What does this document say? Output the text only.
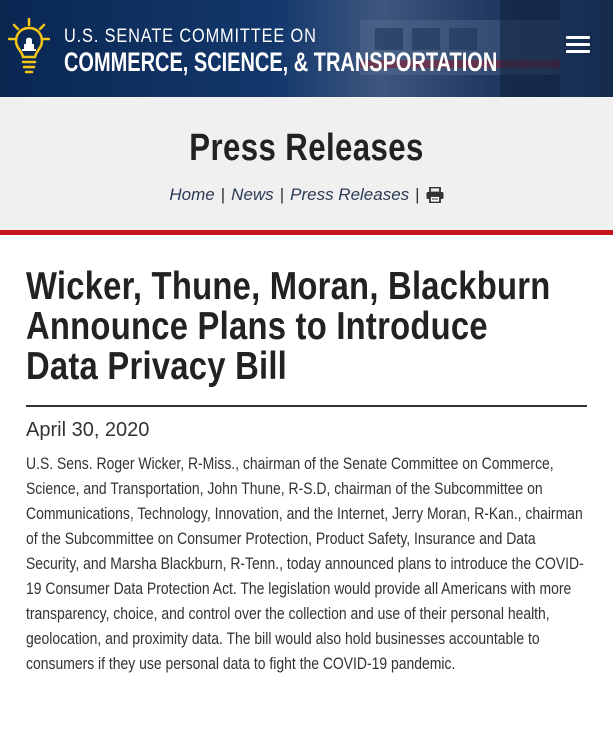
U.S. SENATE COMMITTEE ON
COMMERCE, SCIENCE, & TRANSPORTATION
Press Releases
Home | News | Press Releases |
Wicker, Thune, Moran, Blackburn Announce Plans to Introduce Data Privacy Bill
April 30, 2020

U.S. Sens. Roger Wicker, R-Miss., chairman of the Senate Committee on Commerce, Science, and Transportation, John Thune, R-S.D, chairman of the Subcommittee on Communications, Technology, Innovation, and the Internet, Jerry Moran, R-Kan., chairman of the Subcommittee on Consumer Protection, Product Safety, Insurance and Data Security, and Marsha Blackburn, R-Tenn., today announced plans to introduce the COVID-19 Consumer Data Protection Act. The legislation would provide all Americans with more transparency, choice, and control over the collection and use of their personal health, geolocation, and proximity data. The bill would also hold businesses accountable to consumers if they use personal data to fight the COVID-19 pandemic.
